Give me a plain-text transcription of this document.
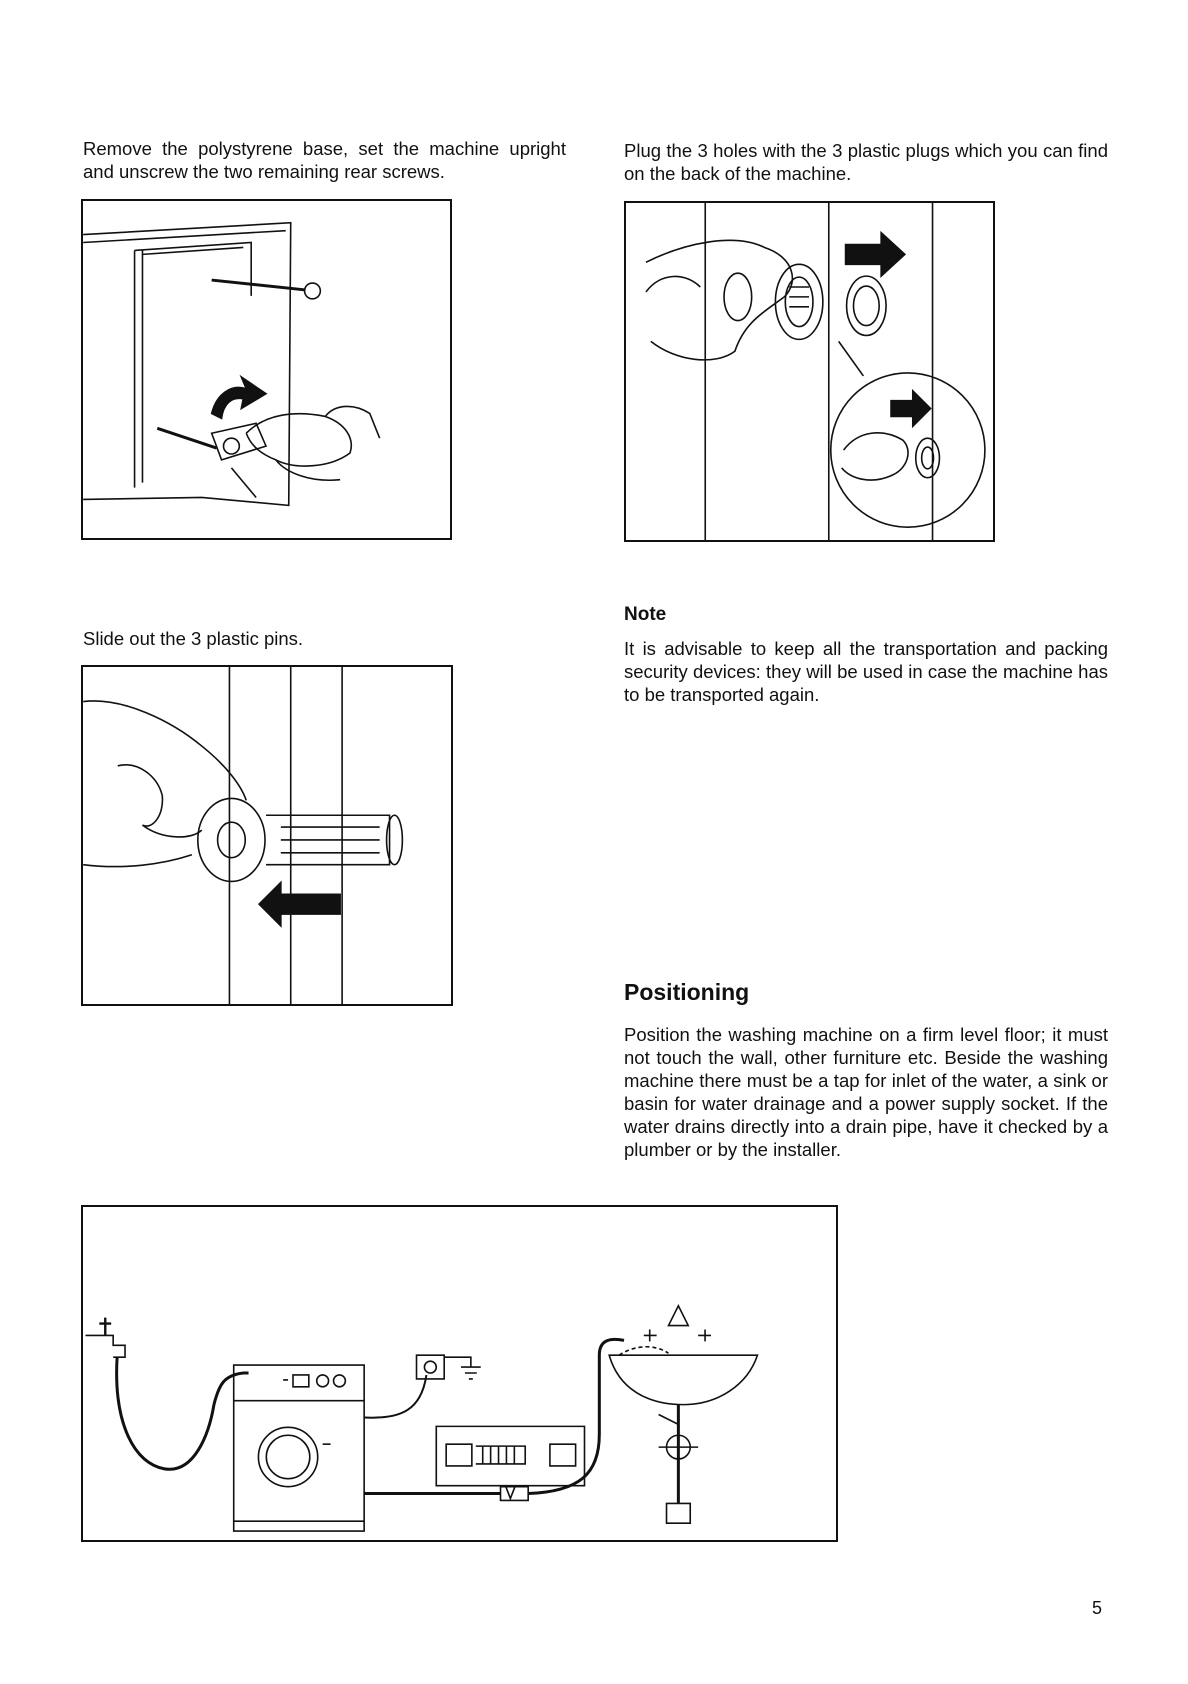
Remove the polystyrene base, set the machine upright and unscrew the two remaining rear screws.

Plug the 3 holes with the 3 plastic plugs which you can find on the back of the machine.

Slide out the 3 plastic pins.

Note

It is advisable to keep all the transportation and packing security devices: they will be used in case the machine has to be transported again.

Positioning

Position the washing machine on a firm level floor; it must not touch the wall, other furniture etc. Beside the washing machine there must be a tap for inlet of the water, a sink or basin for water drainage and a power supply socket. If the water drains directly into a drain pipe, have it checked by a plumber or by the installer.

5
